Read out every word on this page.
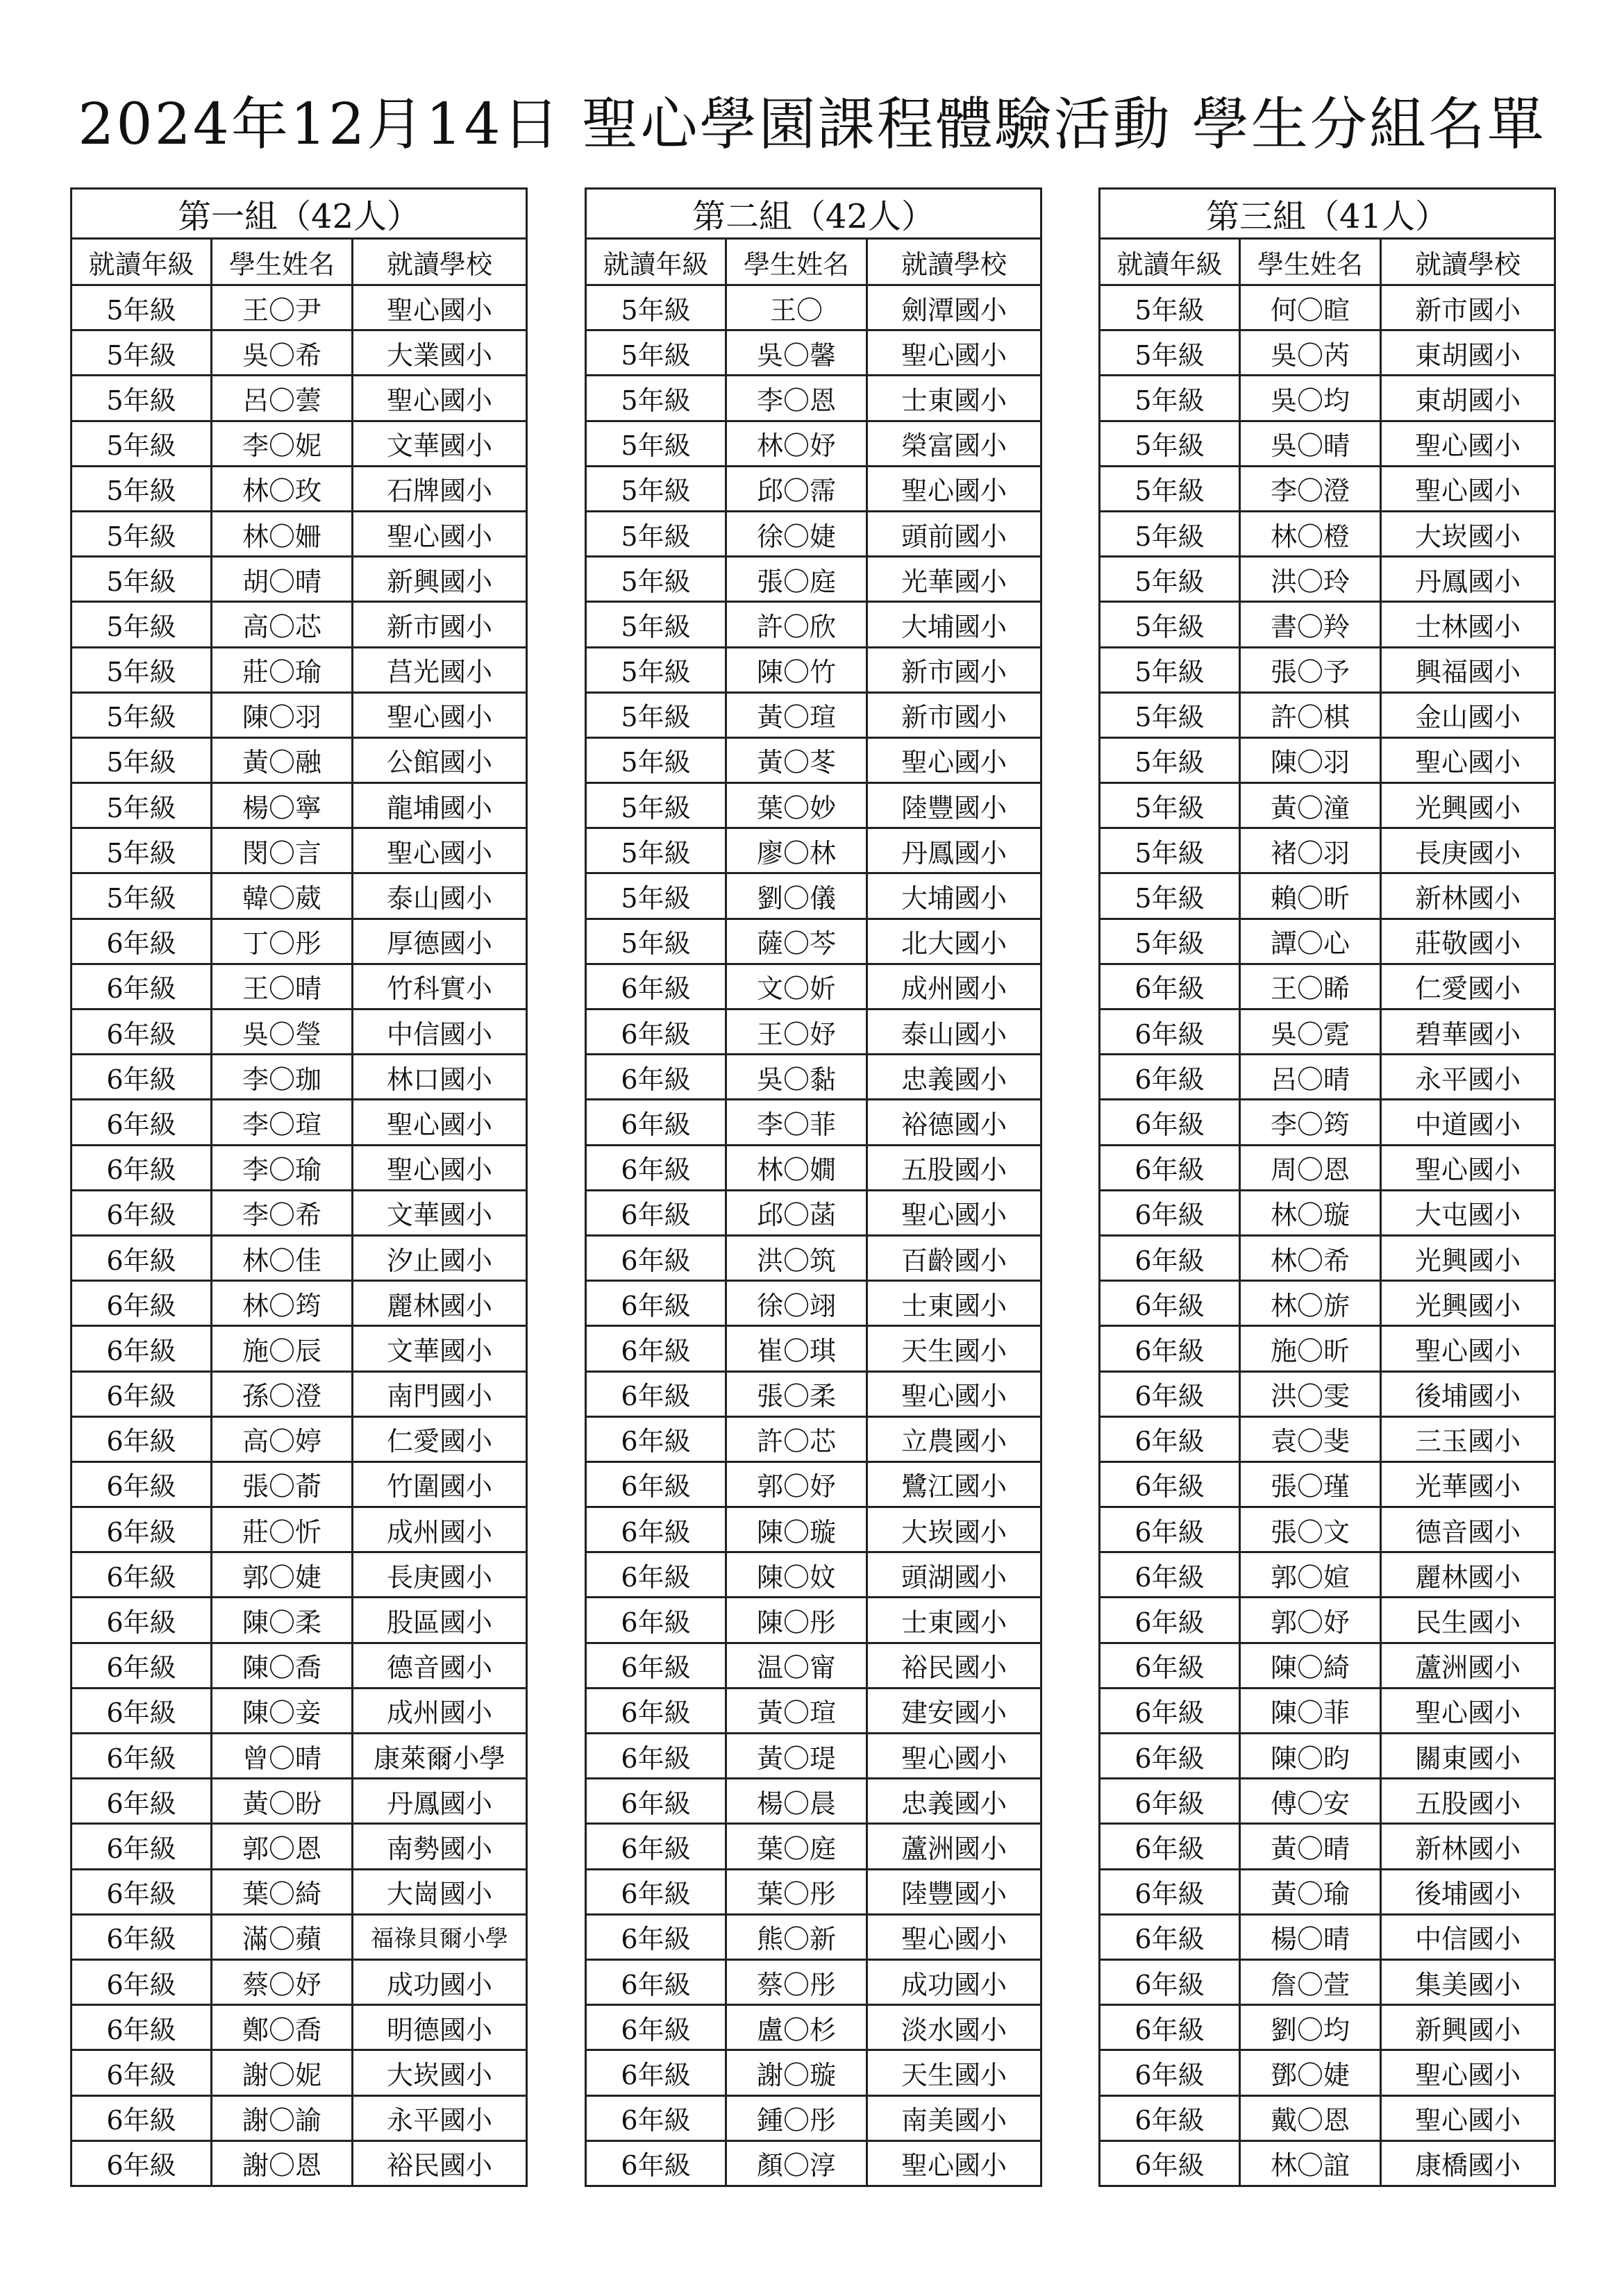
2024年12月14日 聖心學園課程體驗活動 學生分組名單
第一組（42人）		
就讀年級	學生姓名	就讀學校
5年級	王〇尹	聖心國小
5年級	吳〇希	大業國小
5年級	呂〇蕓	聖心國小
5年級	李〇妮	文華國小
5年級	林〇玫	石牌國小
5年級	林〇姍	聖心國小
5年級	胡〇晴	新興國小
5年級	高〇芯	新市國小
5年級	莊〇瑜	莒光國小
5年級	陳〇羽	聖心國小
5年級	黃〇融	公館國小
5年級	楊〇寧	龍埔國小
5年級	閔〇言	聖心國小
5年級	韓〇葳	泰山國小
6年級	丁〇彤	厚德國小
6年級	王〇晴	竹科實小
6年級	吳〇瑩	中信國小
6年級	李〇珈	林口國小
6年級	李〇瑄	聖心國小
6年級	李〇瑜	聖心國小
6年級	李〇希	文華國小
6年級	林〇佳	汐止國小
6年級	林〇筠	麗林國小
6年級	施〇辰	文華國小
6年級	孫〇澄	南門國小
6年級	高〇婷	仁愛國小
6年級	張〇萮	竹圍國小
6年級	莊〇忻	成州國小
6年級	郭〇婕	長庚國小
6年級	陳〇柔	股區國小
6年級	陳〇喬	德音國小
6年級	陳〇妾	成州國小
6年級	曾〇晴	康萊爾小學
6年級	黃〇盼	丹鳳國小
6年級	郭〇恩	南勢國小
6年級	葉〇綺	大崗國小
6年級	滿〇蘋	福祿貝爾小學
6年級	蔡〇妤	成功國小
6年級	鄭〇喬	明德國小
6年級	謝〇妮	大崁國小
6年級	謝〇諭	永平國小
6年級	謝〇恩	裕民國小
第二組（42人）		
就讀年級	學生姓名	就讀學校
5年級	王〇	劍潭國小
5年級	吳〇馨	聖心國小
5年級	李〇恩	士東國小
5年級	林〇妤	榮富國小
5年級	邱〇霈	聖心國小
5年級	徐〇婕	頭前國小
5年級	張〇庭	光華國小
5年級	許〇欣	大埔國小
5年級	陳〇竹	新市國小
5年級	黃〇瑄	新市國小
5年級	黃〇苳	聖心國小
5年級	葉〇妙	陸豐國小
5年級	廖〇林	丹鳳國小
5年級	劉〇儀	大埔國小
5年級	薩〇芩	北大國小
6年級	文〇妡	成州國小
6年級	王〇妤	泰山國小
6年級	吳〇黏	忠義國小
6年級	李〇菲	裕德國小
6年級	林〇嫺	五股國小
6年級	邱〇菡	聖心國小
6年級	洪〇筑	百齡國小
6年級	徐〇翊	士東國小
6年級	崔〇琪	天生國小
6年級	張〇柔	聖心國小
6年級	許〇芯	立農國小
6年級	郭〇妤	鷺江國小
6年級	陳〇璇	大崁國小
6年級	陳〇妏	頭湖國小
6年級	陳〇彤	士東國小
6年級	温〇甯	裕民國小
6年級	黃〇瑄	建安國小
6年級	黃〇瑅	聖心國小
6年級	楊〇晨	忠義國小
6年級	葉〇庭	蘆洲國小
6年級	葉〇彤	陸豐國小
6年級	熊〇新	聖心國小
6年級	蔡〇彤	成功國小
6年級	盧〇杉	淡水國小
6年級	謝〇璇	天生國小
6年級	鍾〇彤	南美國小
6年級	顏〇淳	聖心國小
第三組（41人）		
就讀年級	學生姓名	就讀學校
5年級	何〇暄	新市國小
5年級	吳〇芮	東胡國小
5年級	吳〇均	東胡國小
5年級	吳〇晴	聖心國小
5年級	李〇澄	聖心國小
5年級	林〇橙	大崁國小
5年級	洪〇玲	丹鳳國小
5年級	書〇羚	士林國小
5年級	張〇予	興福國小
5年級	許〇棋	金山國小
5年級	陳〇羽	聖心國小
5年級	黃〇潼	光興國小
5年級	褚〇羽	長庚國小
5年級	賴〇昕	新林國小
5年級	譚〇心	莊敬國小
6年級	王〇睎	仁愛國小
6年級	吳〇霓	碧華國小
6年級	呂〇晴	永平國小
6年級	李〇筠	中道國小
6年級	周〇恩	聖心國小
6年級	林〇璇	大屯國小
6年級	林〇希	光興國小
6年級	林〇旂	光興國小
6年級	施〇昕	聖心國小
6年級	洪〇雯	後埔國小
6年級	袁〇斐	三玉國小
6年級	張〇瑾	光華國小
6年級	張〇文	德音國小
6年級	郭〇媗	麗林國小
6年級	郭〇妤	民生國小
6年級	陳〇綺	蘆洲國小
6年級	陳〇菲	聖心國小
6年級	陳〇昀	關東國小
6年級	傅〇安	五股國小
6年級	黃〇晴	新林國小
6年級	黃〇瑜	後埔國小
6年級	楊〇晴	中信國小
6年級	詹〇萱	集美國小
6年級	劉〇均	新興國小
6年級	鄧〇婕	聖心國小
6年級	戴〇恩	聖心國小
6年級	林〇誼	康橋國小
